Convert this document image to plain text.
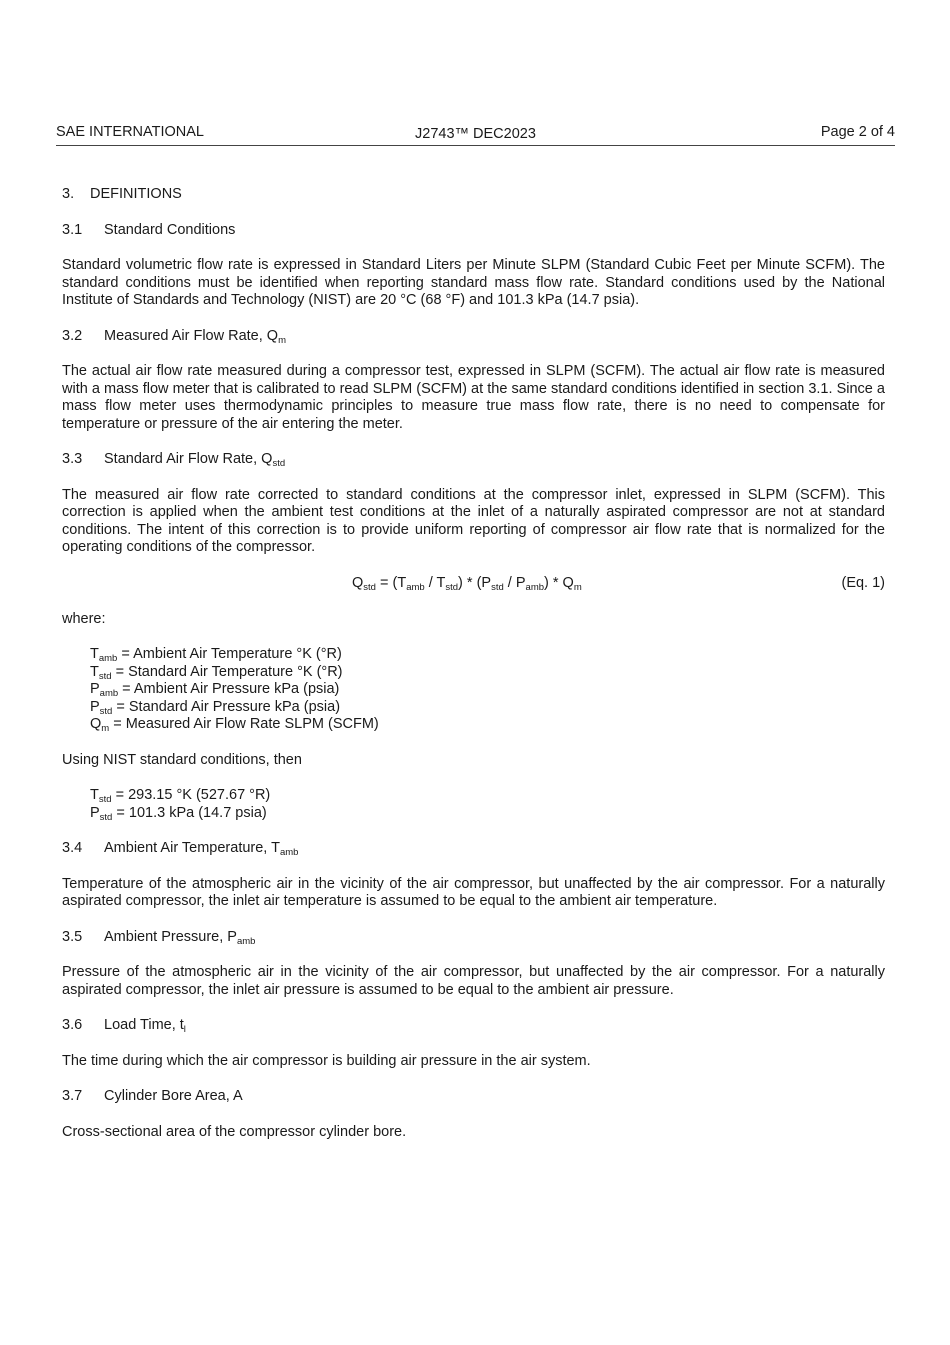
SAE INTERNATIONAL	J2743™ DEC2023	Page 2 of 4
3.	DEFINITIONS
3.1	Standard Conditions

Standard volumetric flow rate is expressed in Standard Liters per Minute SLPM (Standard Cubic Feet per Minute SCFM). The standard conditions must be identified when reporting standard mass flow rate. Standard conditions used by the National Institute of Standards and Technology (NIST) are 20 °C (68 °F) and 101.3 kPa (14.7 psia).

3.2	Measured Air Flow Rate, $Q_m$

The actual air flow rate measured during a compressor test, expressed in SLPM (SCFM). The actual air flow rate is measured with a mass flow meter that is calibrated to read SLPM (SCFM) at the same standard conditions identified in section 3.1. Since a mass flow meter uses thermodynamic principles to measure true mass flow rate, there is no need to compensate for temperature or pressure of the air entering the meter.

3.3	Standard Air Flow Rate, $Q_{std}$

The measured air flow rate corrected to standard conditions at the compressor inlet, expressed in SLPM (SCFM). This correction is applied when the ambient test conditions at the inlet of a naturally aspirated compressor are not at standard conditions. The intent of this correction is to provide uniform reporting of compressor air flow rate that is normalized for the operating conditions of the compressor.

$Q_{std} = (T_{amb} / T_{std}) * (P_{std} / P_{amb}) * Q_m$	(Eq. 1)

where:

$T_{amb}$ = Ambient Air Temperature °K (°R)
$T_{std}$ = Standard Air Temperature °K (°R)
$P_{amb}$ = Ambient Air Pressure kPa (psia)
$P_{std}$ = Standard Air Pressure kPa (psia)
$Q_m$ = Measured Air Flow Rate SLPM (SCFM)

Using NIST standard conditions, then

$T_{std} = 293.15$ °K (527.67 °R)
$P_{std} = 101.3$ kPa (14.7 psia)
3.4	Ambient Air Temperature, $T_{amb}$

Temperature of the atmospheric air in the vicinity of the air compressor, but unaffected by the air compressor. For a naturally aspirated compressor, the inlet air temperature is assumed to be equal to the ambient air temperature.

3.5	Ambient Pressure, $P_{amb}$

Pressure of the atmospheric air in the vicinity of the air compressor, but unaffected by the air compressor. For a naturally aspirated compressor, the inlet air pressure is assumed to be equal to the ambient air pressure.

3.6	Load Time, $t_l$

The time during which the air compressor is building air pressure in the air system.

3.7	Cylinder Bore Area, A

Cross-sectional area of the compressor cylinder bore.
